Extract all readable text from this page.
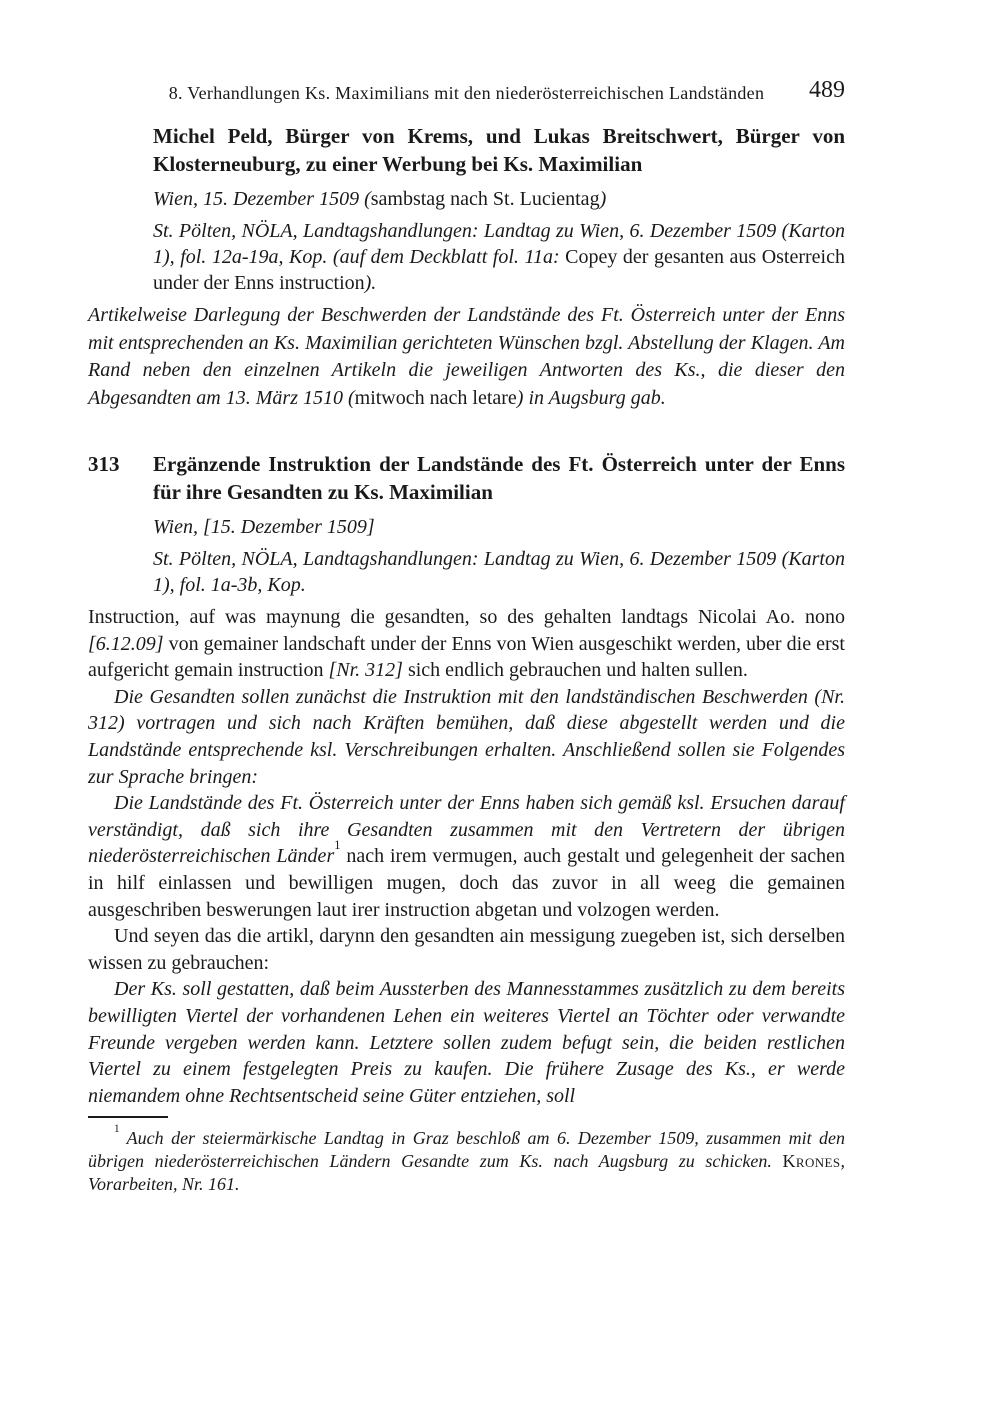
8. Verhandlungen Ks. Maximilians mit den niederösterreichischen Landständen	489
Michel Peld, Bürger von Krems, und Lukas Breitschwert, Bürger von Klosterneuburg, zu einer Werbung bei Ks. Maximilian

Wien, 15. Dezember 1509 (sambstag nach St. Lucientag)

St. Pölten, NÖLA, Landtagshandlungen: Landtag zu Wien, 6. Dezember 1509 (Karton 1), fol. 12a-19a, Kop. (auf dem Deckblatt fol. 11a: Copey der gesanten aus Osterreich under der Enns instruction).

Artikelweise Darlegung der Beschwerden der Landstände des Ft. Österreich unter der Enns mit entsprechenden an Ks. Maximilian gerichteten Wünschen bzgl. Abstellung der Klagen. Am Rand neben den einzelnen Artikeln die jeweiligen Antworten des Ks., die dieser den Abgesandten am 13. März 1510 (mitwoch nach letare) in Augsburg gab.

313 Ergänzende Instruktion der Landstände des Ft. Österreich unter der Enns für ihre Gesandten zu Ks. Maximilian

Wien, [15. Dezember 1509]

St. Pölten, NÖLA, Landtagshandlungen: Landtag zu Wien, 6. Dezember 1509 (Karton 1), fol. 1a-3b, Kop.

Instruction, auf was maynung die gesandten, so des gehalten landtags Nicolai Ao. nono [6.12.09] von gemainer landschaft under der Enns von Wien ausgeschikt werden, uber die erst aufgericht gemain instruction [Nr. 312] sich endlich gebrauchen und halten sullen.

Die Gesandten sollen zunächst die Instruktion mit den landständischen Beschwerden (Nr. 312) vortragen und sich nach Kräften bemühen, daß diese abgestellt werden und die Landstände entsprechende ksl. Verschreibungen erhalten. Anschließend sollen sie Folgendes zur Sprache bringen:

Die Landstände des Ft. Österreich unter der Enns haben sich gemäß ksl. Ersuchen darauf verständigt, daß sich ihre Gesandten zusammen mit den Vertretern der übrigen niederösterreichischen Länder$^1$ nach irem vermugen, auch gestalt und gelegenheit der sachen in hilf einlassen und bewilligen mugen, doch das zuvor in all weeg die gemainen ausgeschriben beswerungen laut irer instruction abgetan und volzogen werden.

Und seyen das die artikl, darynn den gesandten ain messigung zuegeben ist, sich derselben wissen zu gebrauchen:

Der Ks. soll gestatten, daß beim Aussterben des Mannesstammes zusätzlich zu dem bereits bewilligten Viertel der vorhandenen Lehen ein weiteres Viertel an Töchter oder verwandte Freunde vergeben werden kann. Letztere sollen zudem befugt sein, die beiden restlichen Viertel zu einem festgelegten Preis zu kaufen. Die frühere Zusage des Ks., er werde niemandem ohne Rechtsentscheid seine Güter entziehen, soll

$^1$ Auch der steiermärkische Landtag in Graz beschloß am 6. Dezember 1509, zusammen mit den übrigen niederösterreichischen Ländern Gesandte zum Ks. nach Augsburg zu schicken. Krones, Vorarbeiten, Nr. 161.
